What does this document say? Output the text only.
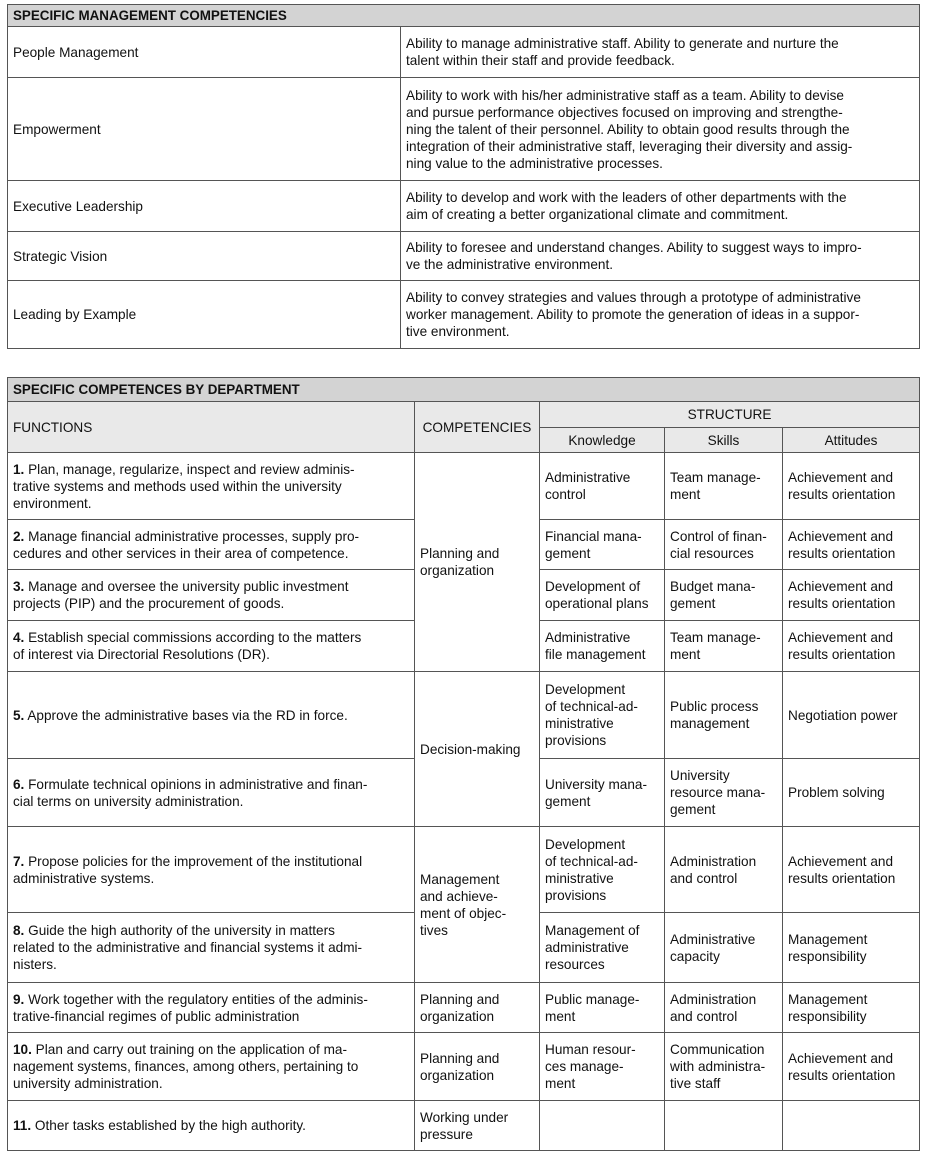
SPECIFIC MANAGEMENT COMPETENCIES	
People Management	Ability to manage administrative staff. Ability to generate and nurture the
talent within their staff and provide feedback.

Empowerment	Ability to work with his/her administrative staff as a team. Ability to devise
and pursue performance objectives focused on improving and strengthe-
ning the talent of their personnel. Ability to obtain good results through the
integration of their administrative staff, leveraging their diversity and assig-
ning value to the administrative processes.

Executive Leadership	Ability to develop and work with the leaders of other departments with the
aim of creating a better organizational climate and commitment.

Strategic Vision	Ability to foresee and understand changes. Ability to suggest ways to impro-
ve the administrative environment.

Leading by Example	Ability to convey strategies and values through a prototype of administrative
worker management. Ability to promote the generation of ideas in a suppor-
tive environment.
SPECIFIC COMPETENCES BY DEPARTMENT				
FUNCTIONS	COMPETENCIES	STRUCTURE		
		Knowledge	Skills	Attitudes
1. Plan, manage, regularize, inspect and review adminis-
trative systems and methods used within the university
environment.	Planning and
organization	Administrative
control	Team manage-
ment	Achievement and
results orientation

2. Manage financial administrative processes, supply pro-
cedures and other services in their area of competence.		Financial mana-
gement	Control of finan-
cial resources	Achievement and
results orientation

3. Manage and oversee the university public investment
projects (PIP) and the procurement of goods.		Development of
operational plans	Budget mana-
gement	Achievement and
results orientation

4. Establish special commissions according to the matters
of interest via Directorial Resolutions (DR).		Administrative
file management	Team manage-
ment	Achievement and
results orientation

5. Approve the administrative bases via the RD in force.	Decision-making	Development
of technical-ad-
ministrative
provisions	Public process
management	Negotiation power

6. Formulate technical opinions in administrative and finan-
cial terms on university administration.		University mana-
gement	University
resource mana-
gement	Problem solving

7. Propose policies for the improvement of the institutional
administrative systems.	Management
and achieve-
ment of objec-
tives	Development
of technical-ad-
ministrative
provisions	Administration
and control	Achievement and
results orientation

8. Guide the high authority of the university in matters
related to the administrative and financial systems it admi-
nisters.		Management of
administrative
resources	Administrative
capacity	Management
responsibility

9. Work together with the regulatory entities of the adminis-
trative-financial regimes of public administration	Planning and
organization	Public manage-
ment	Administration
and control	Management
responsibility

10. Plan and carry out training on the application of ma-
nagement systems, finances, among others, pertaining to
university administration.	Planning and
organization	Human resour-
ces manage-
ment	Communication
with administra-
tive staff	Achievement and
results orientation

11. Other tasks established by the high authority.	Working under
pressure			
